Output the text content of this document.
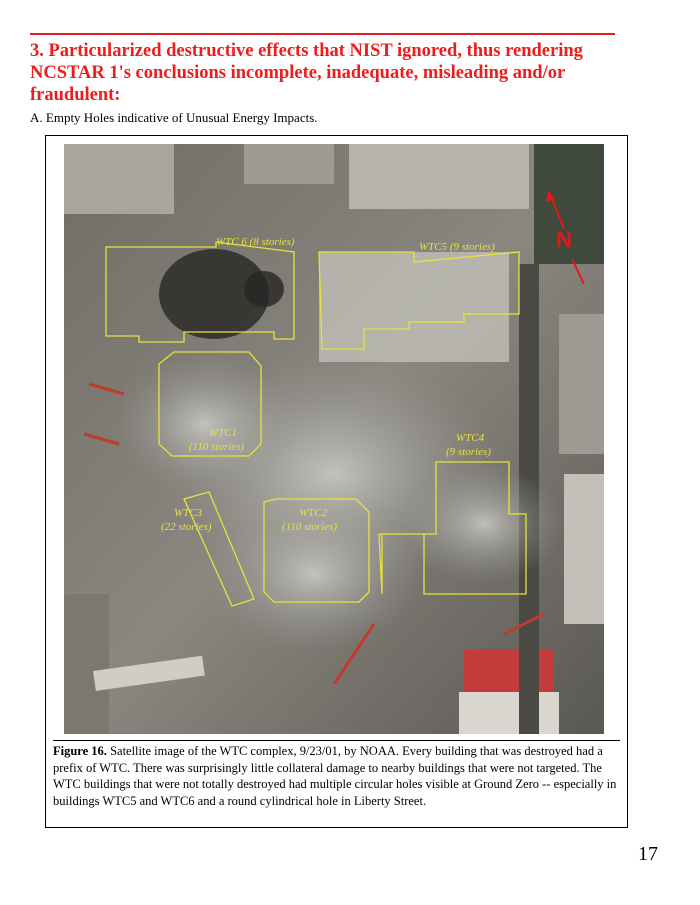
3. Particularized destructive effects that NIST ignored, thus rendering NCSTAR 1's conclusions incomplete, inadequate, misleading and/or fraudulent:

A. Empty Holes indicative of Unusual Energy Impacts.

WTC 6 (8 stories)	WTC5 (9 stories)
WTC1
(110 stories)
WTC4
(9 stories)
WTC3
(22 stories)
WTC2
(110 stories)
N

Figure 16. Satellite image of the WTC complex, 9/23/01, by NOAA. Every building that was destroyed had a prefix of WTC. There was surprisingly little collateral damage to nearby buildings that were not targeted. The WTC buildings that were not totally destroyed had multiple circular holes visible at Ground Zero -- especially in buildings WTC5 and WTC6 and a round cylindrical hole in Liberty Street.

17
